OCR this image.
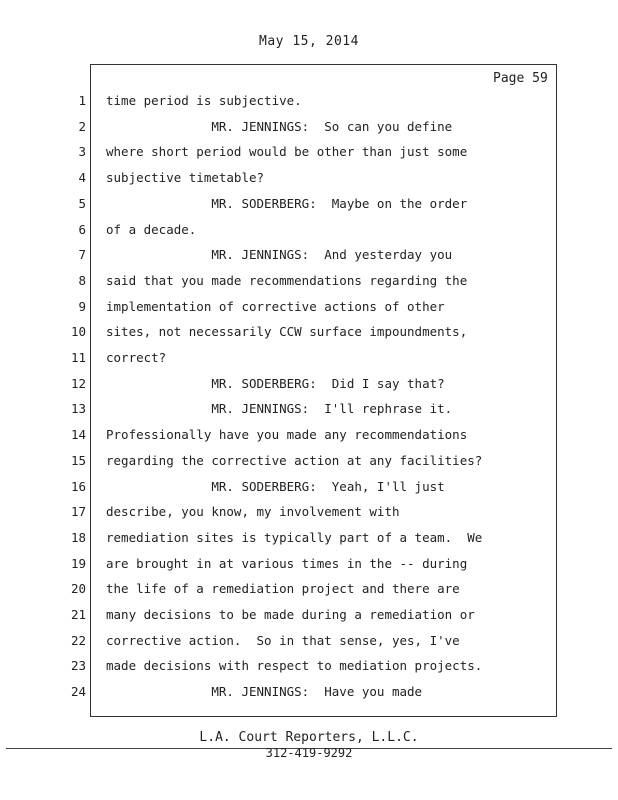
May 15, 2014
Page 59
1 time period is subjective.
2 MR. JENNINGS:  So can you define
3 where short period would be other than just some
4 subjective timetable?
5 MR. SODERBERG:  Maybe on the order
6 of a decade.
7 MR. JENNINGS:  And yesterday you
8 said that you made recommendations regarding the
9 implementation of corrective actions of other
10 sites, not necessarily CCW surface impoundments,
11 correct?
12 MR. SODERBERG:  Did I say that?
13 MR. JENNINGS:  I'll rephrase it.
14 Professionally have you made any recommendations
15 regarding the corrective action at any facilities?
16 MR. SODERBERG:  Yeah, I'll just
17 describe, you know, my involvement with
18 remediation sites is typically part of a team.  We
19 are brought in at various times in the -- during
20 the life of a remediation project and there are
21 many decisions to be made during a remediation or
22 corrective action.  So in that sense, yes, I've
23 made decisions with respect to mediation projects.
24 MR. JENNINGS:  Have you made
L.A. Court Reporters, L.L.C.
312-419-9292
